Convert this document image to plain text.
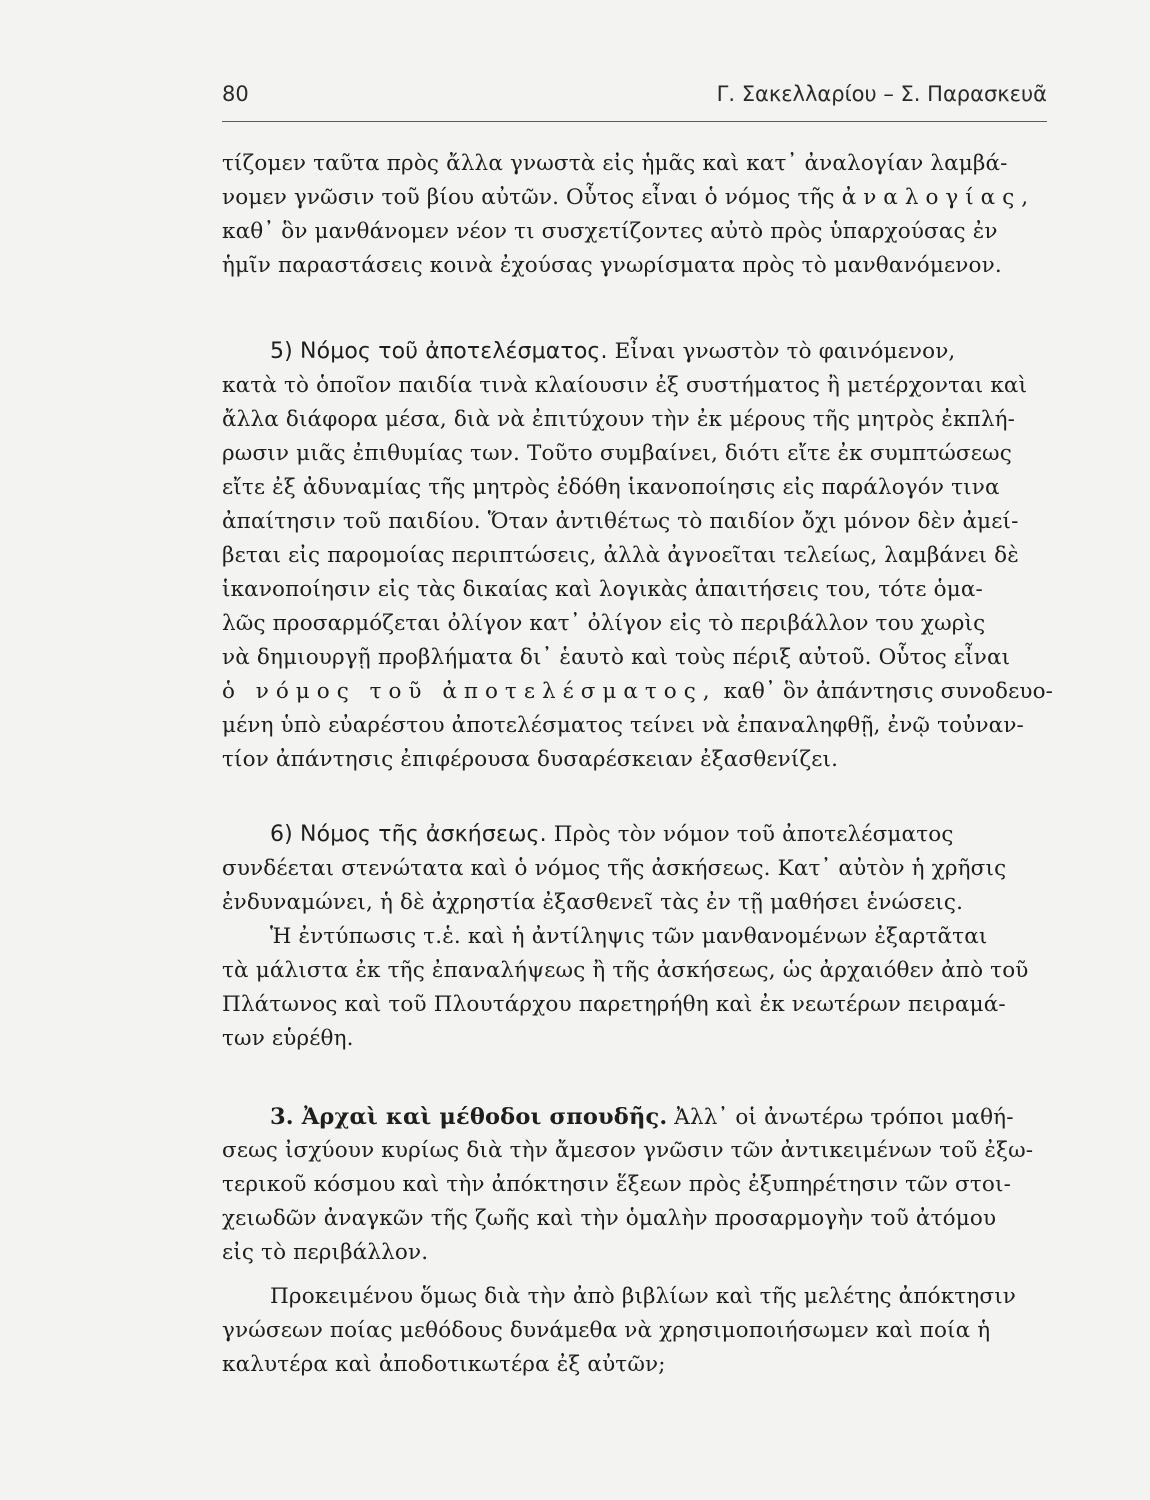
80	Γ. Σακελλαρίου – Σ. Παρασκευᾶ
τίζομεν ταῦτα πρὸς ἄλλα γνωστὰ εἰς ἡμᾶς καὶ κατ᾽ ἀναλογίαν λαμβά-
νομεν γνῶσιν τοῦ βίου αὐτῶν. Οὗτος εἶναι ὁ νόμος τῆς ἀναλογίας,
καθ᾽ ὃν μανθάνομεν νέον τι συσχετίζοντες αὐτὸ πρὸς ὑπαρχούσας ἐν
ἡμῖν παραστάσεις κοινὰ ἐχούσας γνωρίσματα πρὸς τὸ μανθανόμενον.
5) Νόμος τοῦ ἀποτελέσματος. Εἶναι γνωστὸν τὸ φαινόμενον,
κατὰ τὸ ὁποῖον παιδία τινὰ κλαίουσιν ἐξ συστήματος ἢ μετέρχονται καὶ
ἄλλα διάφορα μέσα, διὰ νὰ ἐπιτύχουν τὴν ἐκ μέρους τῆς μητρὸς ἐκπλή-
ρωσιν μιᾶς ἐπιθυμίας των. Τοῦτο συμβαίνει, διότι εἴτε ἐκ συμπτώσεως
εἴτε ἐξ ἀδυναμίας τῆς μητρὸς ἐδόθη ἱκανοποίησις εἰς παράλογόν τινα
ἀπαίτησιν τοῦ παιδίου. Ὅταν ἀντιθέτως τὸ παιδίον ὄχι μόνον δὲν ἀμεί-
βεται εἰς παρομοίας περιπτώσεις, ἀλλὰ ἀγνοεῖται τελείως, λαμβάνει δὲ
ἱκανοποίησιν εἰς τὰς δικαίας καὶ λογικὰς ἀπαιτήσεις του, τότε ὁμα-
λῶς προσαρμόζεται ὀλίγον κατ᾽ ὀλίγον εἰς τὸ περιβάλλον του χωρὶς
νὰ δημιουργῇ προβλήματα δι᾽ ἑαυτὸ καὶ τοὺς πέριξ αὐτοῦ. Οὗτος εἶναι
ὁ νόμος τοῦ ἀποτελέσματος, καθ᾽ ὃν ἀπάντησις συνοδευο-
μένη ὑπὸ εὐαρέστου ἀποτελέσματος τείνει νὰ ἐπαναληφθῇ, ἐνῷ τοὐναν-
τίον ἀπάντησις ἐπιφέρουσα δυσαρέσκειαν ἐξασθενίζει.
6) Νόμος τῆς ἀσκήσεως. Πρὸς τὸν νόμον τοῦ ἀποτελέσματος
συνδέεται στενώτατα καὶ ὁ νόμος τῆς ἀσκήσεως. Κατ᾽ αὐτὸν ἡ χρῆσις
ἐνδυναμώνει, ἡ δὲ ἀχρηστία ἐξασθενεῖ τὰς ἐν τῇ μαθήσει ἑνώσεις.
Ἡ ἐντύπωσις τ.ἑ. καὶ ἡ ἀντίληψις τῶν μανθανομένων ἐξαρτᾶται
τὰ μάλιστα ἐκ τῆς ἐπαναλήψεως ἢ τῆς ἀσκήσεως, ὡς ἀρχαιόθεν ἀπὸ τοῦ
Πλάτωνος καὶ τοῦ Πλουτάρχου παρετηρήθη καὶ ἐκ νεωτέρων πειραμά-
των εὑρέθη.
3. Ἀρχαὶ καὶ μέθοδοι σπουδῆς. Ἀλλ᾽ οἱ ἀνωτέρω τρόποι μαθή-
σεως ἰσχύουν κυρίως διὰ τὴν ἄμεσον γνῶσιν τῶν ἀντικειμένων τοῦ ἐξω-
τερικοῦ κόσμου καὶ τὴν ἀπόκτησιν ἕξεων πρὸς ἐξυπηρέτησιν τῶν στοι-
χειωδῶν ἀναγκῶν τῆς ζωῆς καὶ τὴν ὁμαλὴν προσαρμογὴν τοῦ ἀτόμου
εἰς τὸ περιβάλλον.
Προκειμένου ὅμως διὰ τὴν ἀπὸ βιβλίων καὶ τῆς μελέτης ἀπόκτησιν
γνώσεων ποίας μεθόδους δυνάμεθα νὰ χρησιμοποιήσωμεν καὶ ποία ἡ
καλυτέρα καὶ ἀποδοτικωτέρα ἐξ αὐτῶν;
